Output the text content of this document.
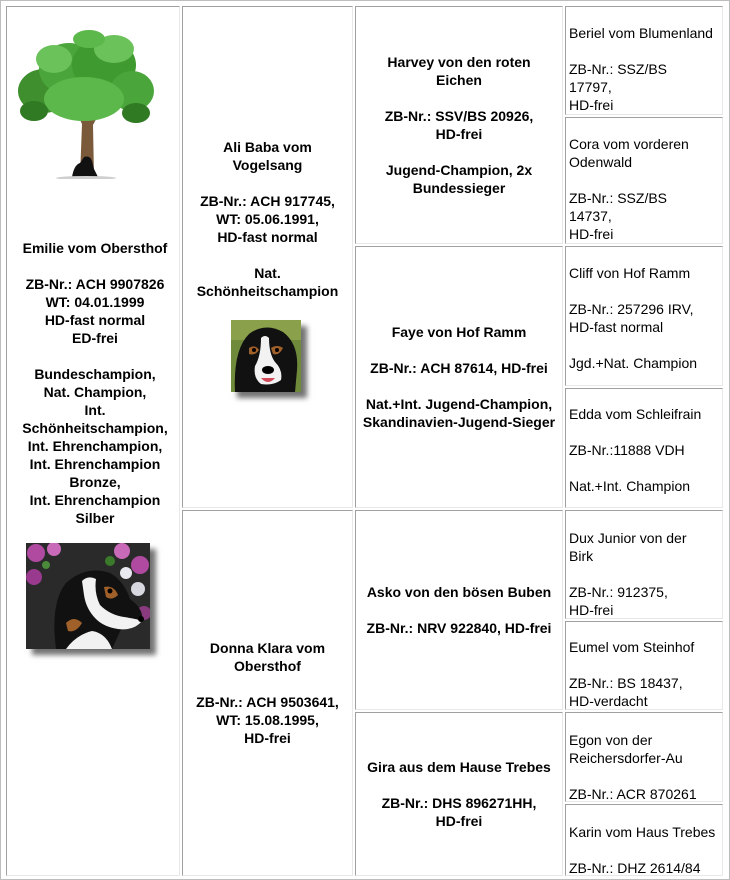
Emilie vom Obersthof

ZB-Nr.: ACH 9907826

WT: 04.01.1999

HD-fast normal

ED-frei

Bundeschampion,

Nat. Champion,

Int.

Schönheitschampion,

Int. Ehrenchampion,

Int. Ehrenchampion

Bronze,

Int. Ehrenchampion

Silber

Ali Baba vom

Vogelsang

ZB-Nr.: ACH 917745,

WT: 05.06.1991,

HD-fast normal

Nat.

Schönheitschampion

Donna Klara vom

Obersthof

ZB-Nr.: ACH 9503641,

WT: 15.08.1995,

HD-frei

Harvey von den roten

Eichen

ZB-Nr.: SSV/BS 20926,

HD-frei

Jugend-Champion, 2x

Bundessieger

Faye von Hof Ramm

ZB-Nr.: ACH 87614, HD-frei

Nat.+Int. Jugend-Champion,

Skandinavien-Jugend-Sieger

Asko von den bösen Buben

ZB-Nr.: NRV 922840, HD-frei

Gira aus dem Hause Trebes

ZB-Nr.: DHS 896271HH,

HD-frei

Beriel vom Blumenland

ZB-Nr.: SSZ/BS

17797,

HD-frei

Cora vom vorderen

Odenwald

ZB-Nr.: SSZ/BS

14737,

HD-frei

Cliff von Hof Ramm

ZB-Nr.: 257296 IRV,

HD-fast normal

Jgd.+Nat. Champion

Edda vom Schleifrain

ZB-Nr.:11888 VDH

Nat.+Int. Champion

Dux Junior von der

Birk

ZB-Nr.: 912375,

HD-frei

Eumel vom Steinhof

ZB-Nr.: BS 18437,

HD-verdacht

Egon von der

Reichersdorfer-Au

ZB-Nr.: ACR 870261

Karin vom Haus Trebes

ZB-Nr.: DHZ 2614/84
